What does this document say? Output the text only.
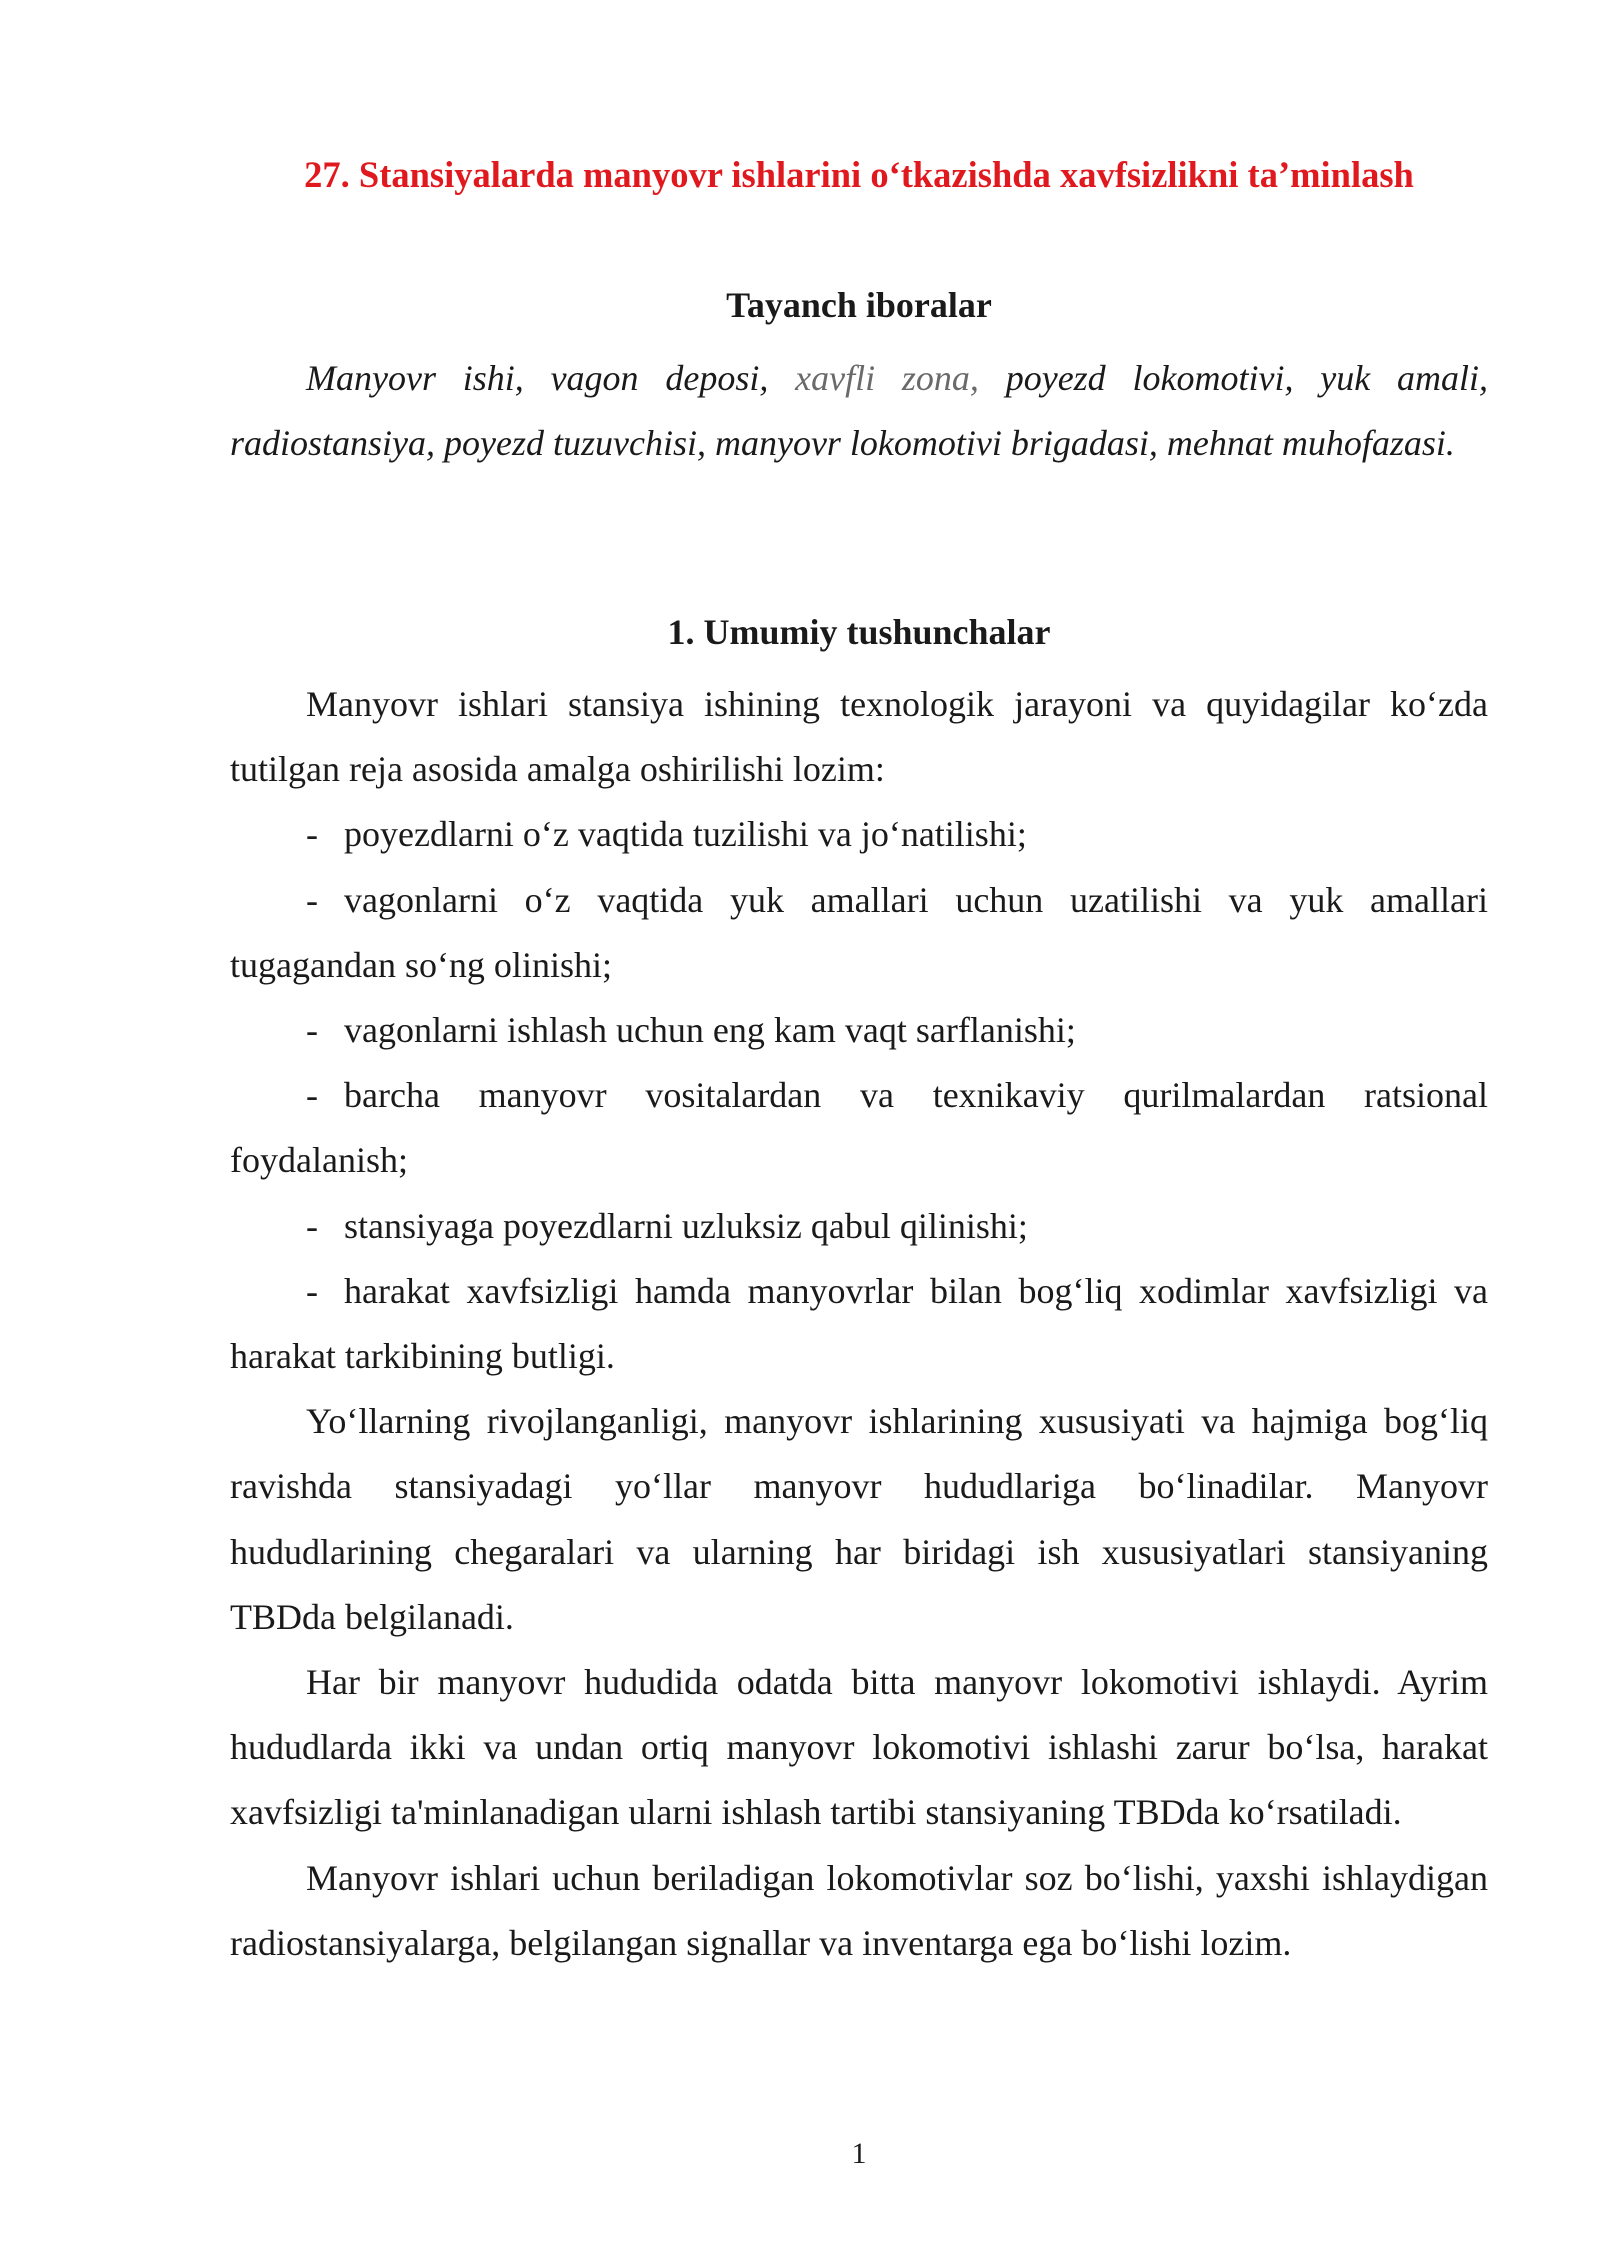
27. Stansiyalarda manyovr ishlarini o‘tkazishda xavfsizlikni ta’minlash
Tayanch iboralar

Manyovr ishi, vagon deposi, xavfli zona, poyezd lokomotivi, yuk amali, radiostansiya, poyezd tuzuvchisi, manyovr lokomotivi brigadasi, mehnat muhofazasi.

1. Umumiy tushunchalar

Manyovr ishlari stansiya ishining texnologik jarayoni va quyidagilar ko‘zda tutilgan reja asosida amalga oshirilishi lozim:

- poyezdlarni o‘z vaqtida tuzilishi va jo‘natilishi;

- vagonlarni o‘z vaqtida yuk amallari uchun uzatilishi va yuk amallari tugagandan so‘ng olinishi;

- vagonlarni ishlash uchun eng kam vaqt sarflanishi;

- barcha manyovr vositalardan va texnikaviy qurilmalardan ratsional foydalanish;

- stansiyaga poyezdlarni uzluksiz qabul qilinishi;

- harakat xavfsizligi hamda manyovrlar bilan bog‘liq xodimlar xavfsizligi va harakat tarkibining butligi.

Yo‘llarning rivojlanganligi, manyovr ishlarining xususiyati va hajmiga bog‘liq ravishda stansiyadagi yo‘llar manyovr hududlariga bo‘linadilar. Manyovr hududlarining chegaralari va ularning har biridagi ish xususiyatlari stansiyaning TBDda belgilanadi.

Har bir manyovr hududida odatda bitta manyovr lokomotivi ishlaydi. Ayrim hududlarda ikki va undan ortiq manyovr lokomotivi ishlashi zarur bo‘lsa, harakat xavfsizligi ta'minlanadigan ularni ishlash tartibi stansiyaning TBDda ko‘rsatiladi.

Manyovr ishlari uchun beriladigan lokomotivlar soz bo‘lishi, yaxshi ishlaydigan radiostansiyalarga, belgilangan signallar va inventarga ega bo‘lishi lozim.

1
